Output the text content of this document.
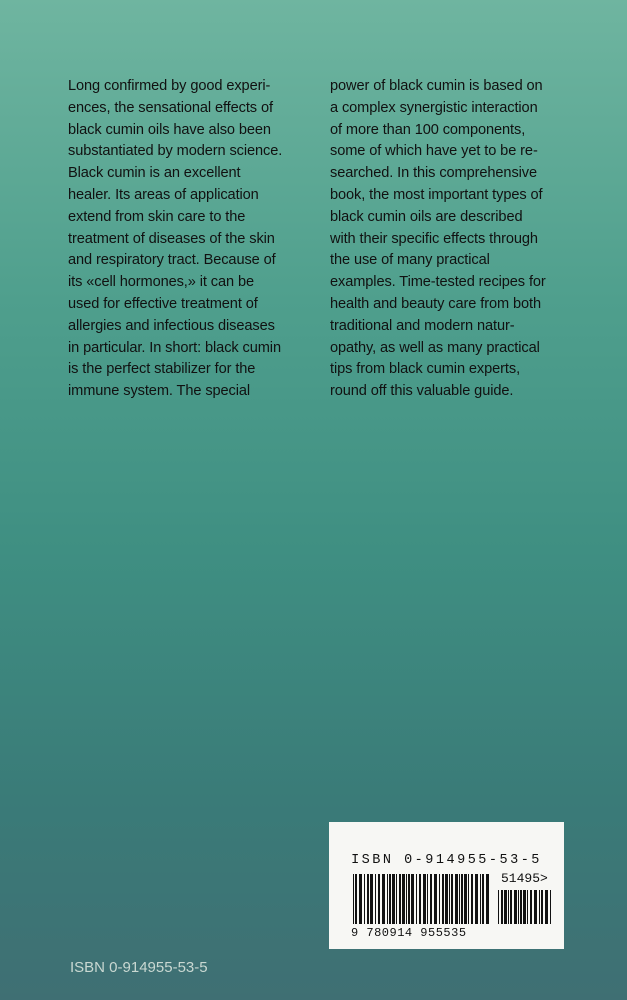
Long confirmed by good experi-
ences, the sensational effects of
black cumin oils have also been
substantiated by modern science.
Black cumin is an excellent
healer. Its areas of application
extend from skin care to the
treatment of diseases of the skin
and respiratory tract. Because of
its «cell hormones,» it can be
used for effective treatment of
allergies and infectious diseases
in particular. In short: black cumin
is the perfect stabilizer for the
immune system. The special

power of black cumin is based on
a complex synergistic interaction
of more than 100 components,
some of which have yet to be re-
searched. In this comprehensive
book, the most important types of
black cumin oils are described
with their specific effects through
the use of many practical
examples. Time-tested recipes for
health and beauty care from both
traditional and modern natur-
opathy, as well as many practical
tips from black cumin experts,
round off this valuable guide.

ISBN 0-914955-53-5
51495>
9 780914 955535
ISBN 0-914955-53-5
